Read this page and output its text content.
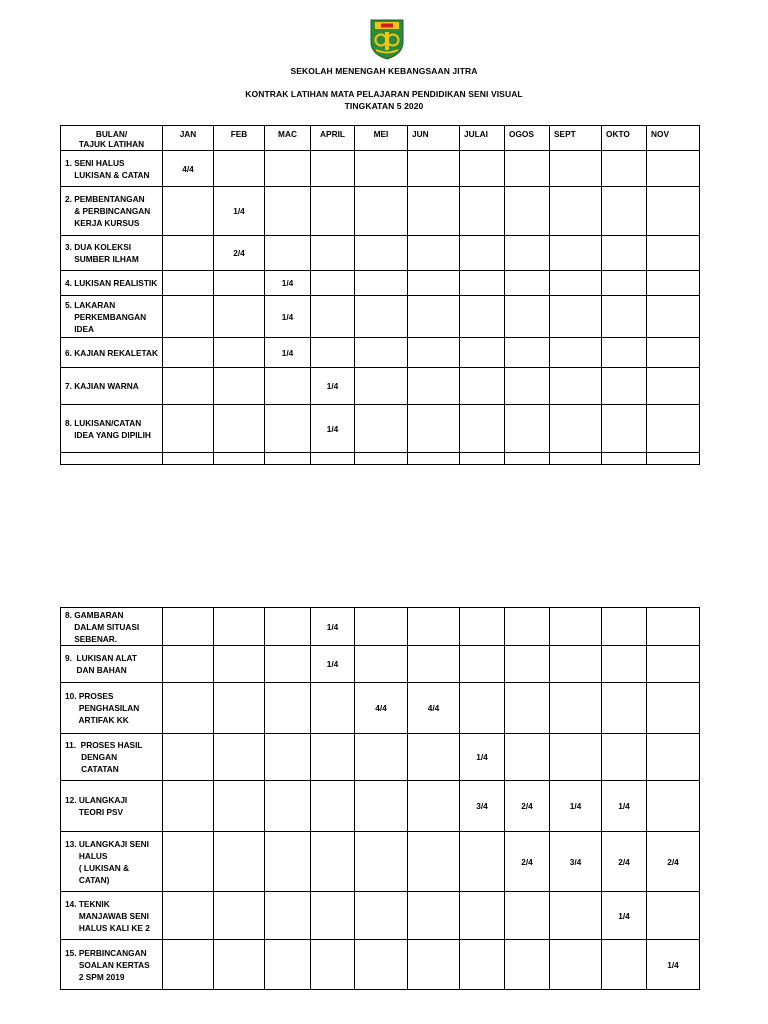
SEKOLAH MENENGAH KEBANGSAAN JITRA
KONTRAK LATIHAN MATA PELAJARAN PENDIDIKAN SENI VISUAL
TINGKATAN 5 2020
BULAN/
TAJUK LATIHAN	JAN	FEB	MAC	APRIL	MEI	JUN	JULAI	OGOS	SEPT	OKTO	NOV

1. SENI HALUS
LUKISAN & CATAN	4/4										

2. PEMBENTANGAN
& PERBINCANGAN
KERJA KURSUS		1/4									

3. DUA KOLEKSI
SUMBER ILHAM		2/4									

4. LUKISAN REALISTIK			1/4								

5. LAKARAN
PERKEMBANGAN
IDEA			1/4								

6. KAJIAN REKALETAK			1/4								

7. KAJIAN WARNA				1/4							

8. LUKISAN/CATAN
IDEA YANG DIPILIH				1/4							

8. GAMBARAN
DALAM SITUASI
SEBENAR.				1/4							

9.  LUKISAN ALAT
DAN BAHAN				1/4							

10. PROSES
PENGHASILAN
ARTIFAK KK					4/4	4/4					

11.  PROSES HASIL
DENGAN
CATATAN							1/4				

12. ULANGKAJI
TEORI PSV							3/4	2/4	1/4	1/4	

13. ULANGKAJI SENI
HALUS
( LUKISAN &
CATAN)								2/4	3/4	2/4	2/4

14. TEKNIK
MANJAWAB SENI
HALUS KALI KE 2										1/4	

15. PERBINCANGAN
SOALAN KERTAS
2 SPM 2019											1/4
